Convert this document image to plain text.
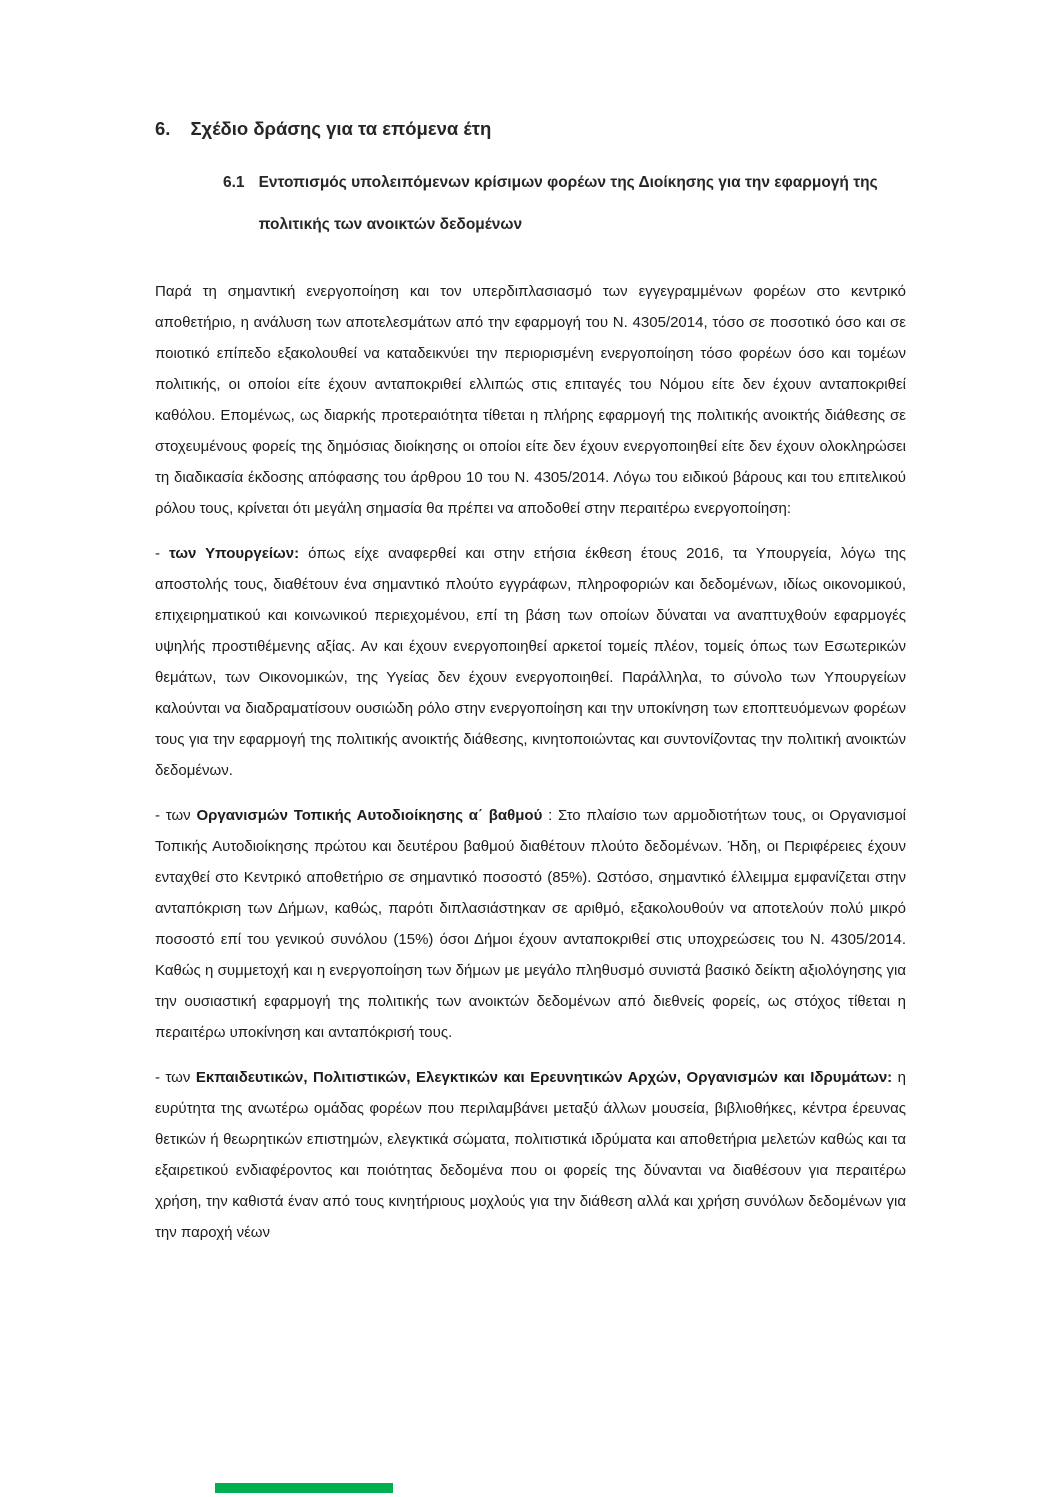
6. Σχέδιο δράσης για τα επόμενα έτη
6.1 Εντοπισμός υπολειπόμενων κρίσιμων φορέων της Διοίκησης για την εφαρμογή της πολιτικής των ανοικτών δεδομένων

Παρά τη σημαντική ενεργοποίηση και τον υπερδιπλασιασμό των εγγεγραμμένων φορέων στο κεντρικό αποθετήριο, η ανάλυση των αποτελεσμάτων από την εφαρμογή του Ν. 4305/2014, τόσο σε ποσοτικό όσο και σε ποιοτικό επίπεδο εξακολουθεί να καταδεικνύει την περιορισμένη ενεργοποίηση τόσο φορέων όσο και τομέων πολιτικής, οι οποίοι είτε έχουν ανταποκριθεί ελλιπώς στις επιταγές του Νόμου είτε δεν έχουν ανταποκριθεί καθόλου. Επομένως, ως διαρκής προτεραιότητα τίθεται η πλήρης εφαρμογή της πολιτικής ανοικτής διάθεσης σε στοχευμένους φορείς της δημόσιας διοίκησης οι οποίοι είτε δεν έχουν ενεργοποιηθεί είτε δεν έχουν ολοκληρώσει τη διαδικασία έκδοσης απόφασης του άρθρου 10 του Ν. 4305/2014. Λόγω του ειδικού βάρους και του επιτελικού ρόλου τους, κρίνεται ότι μεγάλη σημασία θα πρέπει να αποδοθεί στην περαιτέρω ενεργοποίηση:

- των Υπουργείων: όπως είχε αναφερθεί και στην ετήσια έκθεση έτους 2016, τα Υπουργεία, λόγω της αποστολής τους, διαθέτουν ένα σημαντικό πλούτο εγγράφων, πληροφοριών και δεδομένων, ιδίως οικονομικού, επιχειρηματικού και κοινωνικού περιεχομένου, επί τη βάση των οποίων δύναται να αναπτυχθούν εφαρμογές υψηλής προστιθέμενης αξίας. Αν και έχουν ενεργοποιηθεί αρκετοί τομείς πλέον, τομείς όπως των Εσωτερικών θεμάτων, των Οικονομικών, της Υγείας δεν έχουν ενεργοποιηθεί. Παράλληλα, το σύνολο των Υπουργείων καλούνται να διαδραματίσουν ουσιώδη ρόλο στην ενεργοποίηση και την υποκίνηση των εποπτευόμενων φορέων τους για την εφαρμογή της πολιτικής ανοικτής διάθεσης, κινητοποιώντας και συντονίζοντας την πολιτική ανοικτών δεδομένων.

- των Οργανισμών Τοπικής Αυτοδιοίκησης α΄ βαθμού : Στο πλαίσιο των αρμοδιοτήτων τους, οι Οργανισμοί Τοπικής Αυτοδιοίκησης πρώτου και δευτέρου βαθμού διαθέτουν πλούτο δεδομένων. Ήδη, οι Περιφέρειες έχουν ενταχθεί στο Κεντρικό αποθετήριο σε σημαντικό ποσοστό (85%). Ωστόσο, σημαντικό έλλειμμα εμφανίζεται στην ανταπόκριση των Δήμων, καθώς, παρότι διπλασιάστηκαν σε αριθμό, εξακολουθούν να αποτελούν πολύ μικρό ποσοστό επί του γενικού συνόλου (15%) όσοι Δήμοι έχουν ανταποκριθεί στις υποχρεώσεις του Ν. 4305/2014. Καθώς η συμμετοχή και η ενεργοποίηση των δήμων με μεγάλο πληθυσμό συνιστά βασικό δείκτη αξιολόγησης για την ουσιαστική εφαρμογή της πολιτικής των ανοικτών δεδομένων από διεθνείς φορείς, ως στόχος τίθεται η περαιτέρω υποκίνηση και ανταπόκρισή τους.

- των Εκπαιδευτικών, Πολιτιστικών, Ελεγκτικών και Ερευνητικών Αρχών, Οργανισμών και Ιδρυμάτων: η ευρύτητα της ανωτέρω ομάδας φορέων που περιλαμβάνει μεταξύ άλλων μουσεία, βιβλιοθήκες, κέντρα έρευνας θετικών ή θεωρητικών επιστημών, ελεγκτικά σώματα, πολιτιστικά ιδρύματα και αποθετήρια μελετών καθώς και τα εξαιρετικού ενδιαφέροντος και ποιότητας δεδομένα που οι φορείς της δύνανται να διαθέσουν για περαιτέρω χρήση, την καθιστά έναν από τους κινητήριους μοχλούς για την διάθεση αλλά και χρήση συνόλων δεδομένων για την παροχή νέων
